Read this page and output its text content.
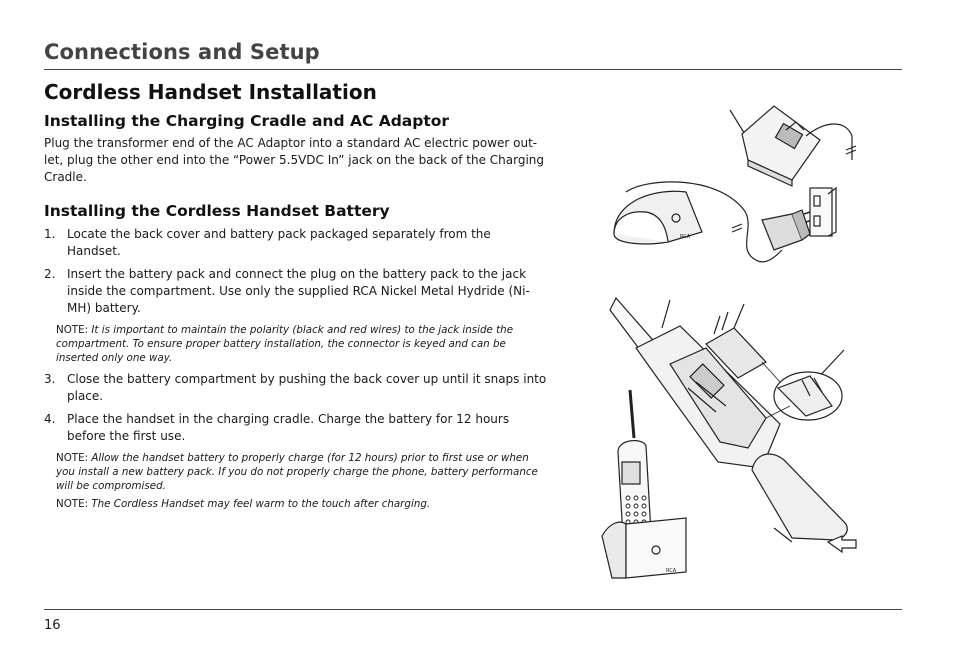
Connections and Setup
Cordless Handset Installation
Installing the Charging Cradle and AC Adaptor

Plug the transformer end of the AC Adaptor into a standard AC electric power out- let, plug the other end into the “Power 5.5VDC In” jack on the back of the Charging Cradle.

Installing the Cordless Handset Battery
1. Locate the back cover and battery pack packaged separately from the Handset.
2. Insert the battery pack and connect the plug on the battery pack to the jack inside the compartment. Use only the supplied RCA Nickel Metal Hydride (Ni-MH) battery.

NOTE: It is important to maintain the polarity (black and red wires) to the jack inside the compartment. To ensure proper battery installation, the connector is keyed and can be inserted only one way.

3. Close the battery compartment by pushing the back cover up until it snaps into place.
4. Place the handset in the charging cradle. Charge the battery for 12 hours before the first use.

NOTE: Allow the handset battery to properly charge (for 12 hours) prior to first use or when you install a new battery pack. If you do not properly charge the phone, battery performance will be compromised.

NOTE: The Cordless Handset may feel warm to the touch after charging.

RCA
RCA
16
